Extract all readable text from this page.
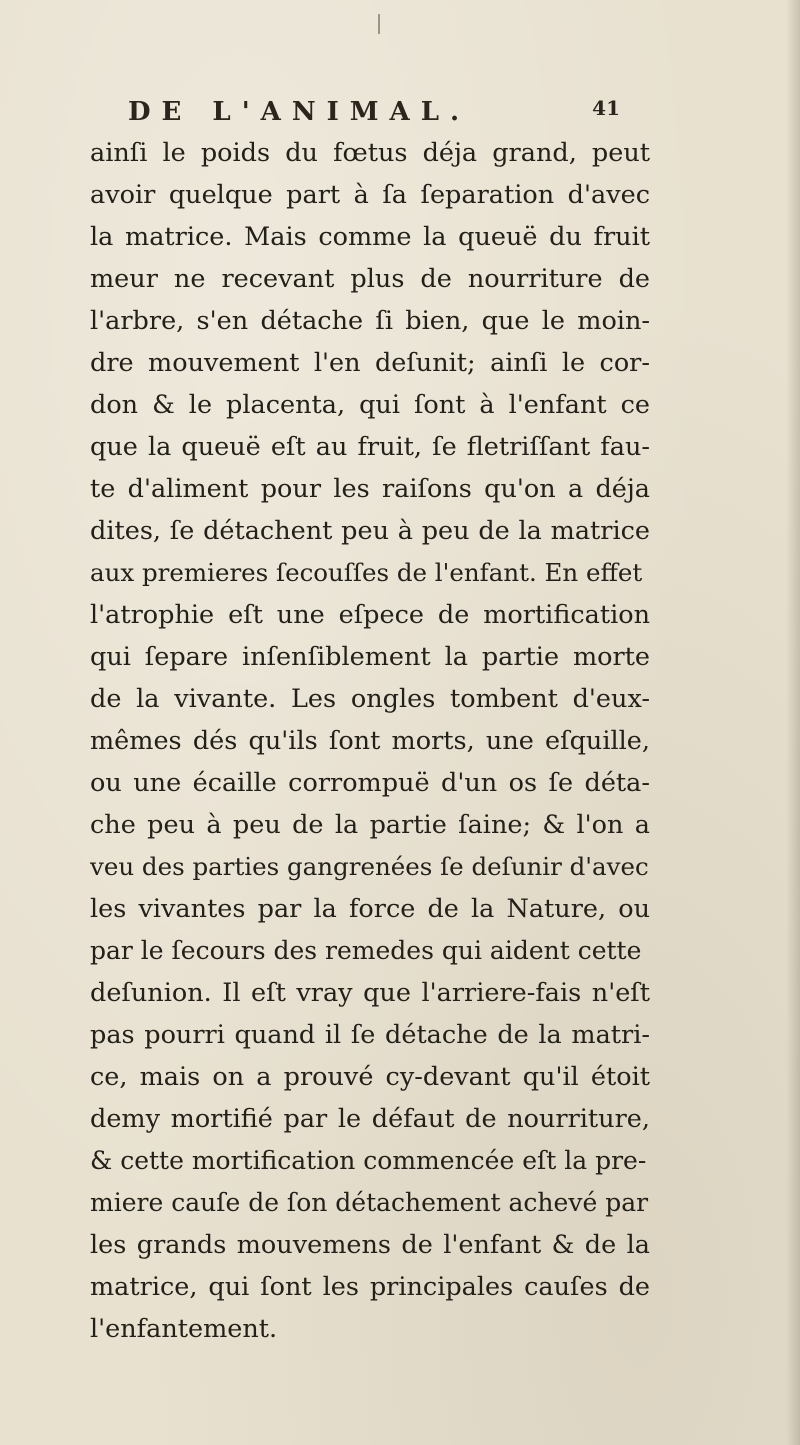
DE L'ANIMAL.	41
ainſi le poids du fœtus déja grand, peut
avoir quelque part à ſa ſeparation d'avec
la matrice. Mais comme la queuë du fruit
meur ne recevant plus de nourriture de
l'arbre, s'en détache ſi bien, que le moin-
dre mouvement l'en deſunit; ainſi le cor-
don & le placenta, qui ſont à l'enfant ce
que la queuë eſt au fruit, ſe fletriſſant fau-
te d'aliment pour les raiſons qu'on a déja
dites, ſe détachent peu à peu de la matrice
aux premieres ſecouſſes de l'enfant. En effet
l'atrophie eſt une eſpece de mortification
qui ſepare inſenſiblement la partie morte
de la vivante. Les ongles tombent d'eux-
mêmes dés qu'ils ſont morts, une eſquille,
ou une écaille corrompuë d'un os ſe déta-
che peu à peu de la partie ſaine; & l'on a
veu des parties gangrenées ſe deſunir d'avec
les vivantes par la force de la Nature, ou
par le ſecours des remedes qui aident cette
deſunion. Il eſt vray que l'arriere-fais n'eſt
pas pourri quand il ſe détache de la matri-
ce, mais on a prouvé cy-devant qu'il étoit
demy mortifié par le défaut de nourriture,
& cette mortification commencée eſt la pre-
miere cauſe de ſon détachement achevé par
les grands mouvemens de l'enfant & de la
matrice, qui ſont les principales cauſes de
l'enfantement.
